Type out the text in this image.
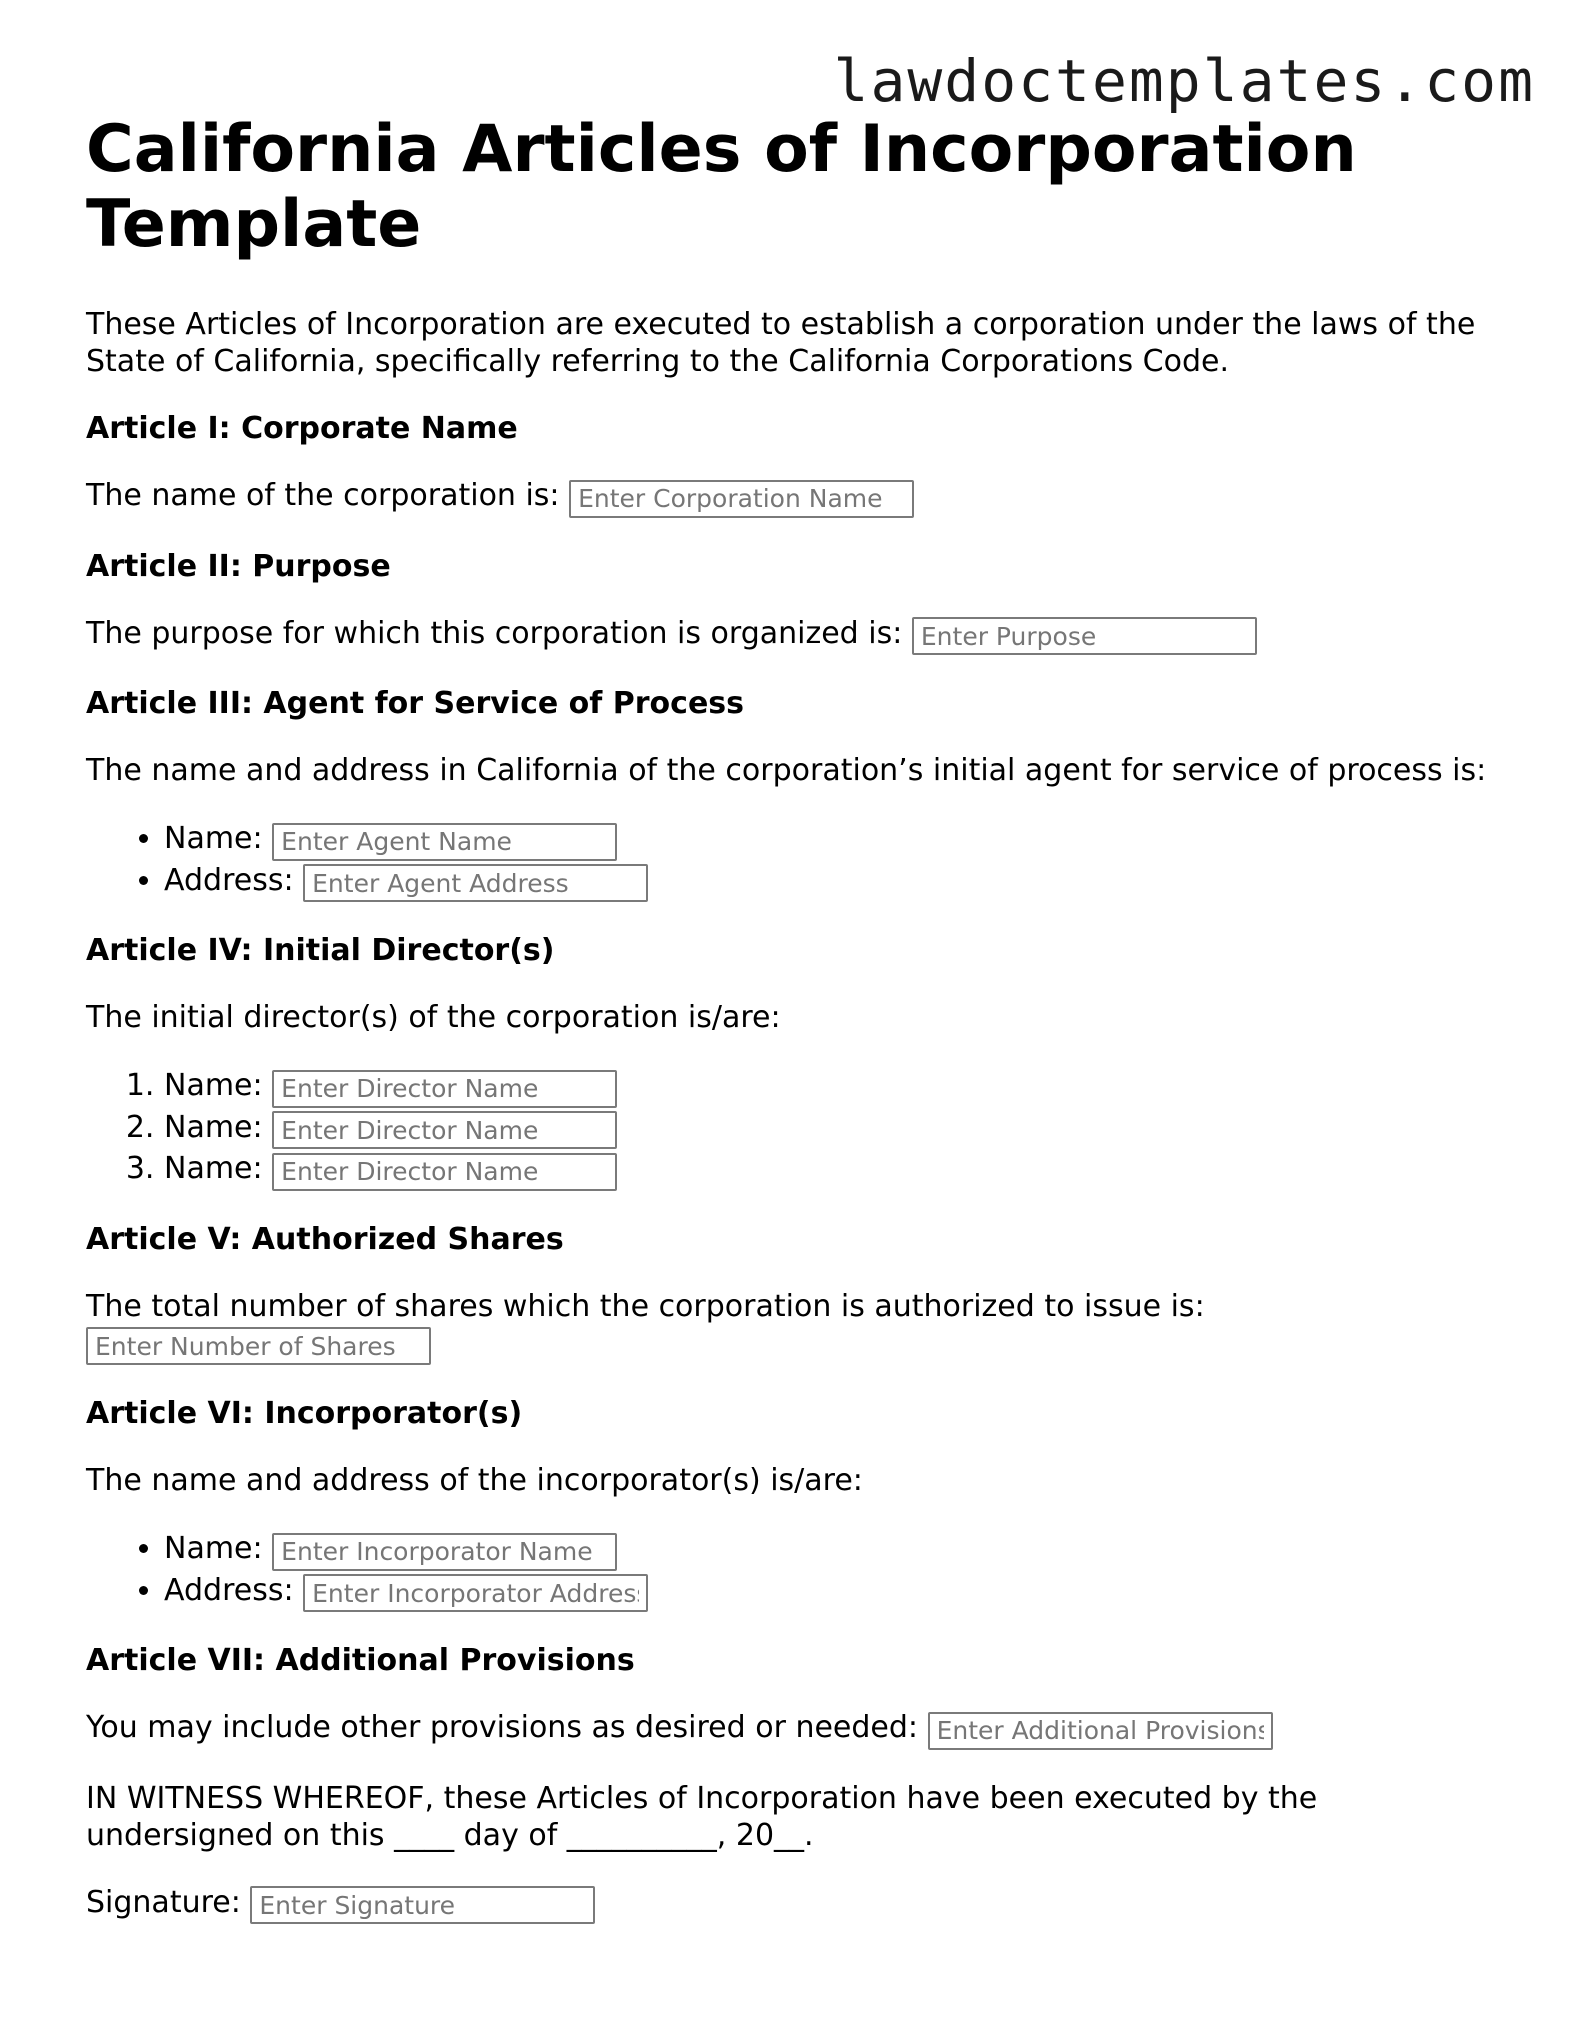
lawdoctemplates.com
California Articles of Incorporation Template

These Articles of Incorporation are executed to establish a corporation under the laws of the State of California, specifically referring to the California Corporations Code.

Article I: Corporate Name

The name of the corporation is: Enter Corporation Name

Article II: Purpose

The purpose for which this corporation is organized is: Enter Purpose

Article III: Agent for Service of Process

The name and address in California of the corporation’s initial agent for service of process is:

• Name: Enter Agent Name
• Address: Enter Agent Address
Article IV: Initial Director(s)

The initial director(s) of the corporation is/are:

1. Name: Enter Director Name
2. Name: Enter Director Name
3. Name: Enter Director Name
Article V: Authorized Shares

The total number of shares which the corporation is authorized to issue is:
Enter Number of Shares

Article VI: Incorporator(s)

The name and address of the incorporator(s) is/are:

• Name: Enter Incorporator Name
• Address: Enter Incorporator Address
Article VII: Additional Provisions

You may include other provisions as desired or needed: Enter Additional Provisions

IN WITNESS WHEREOF, these Articles of Incorporation have been executed by the undersigned on this ____ day of __________, 20__.

Signature: Enter Signature
